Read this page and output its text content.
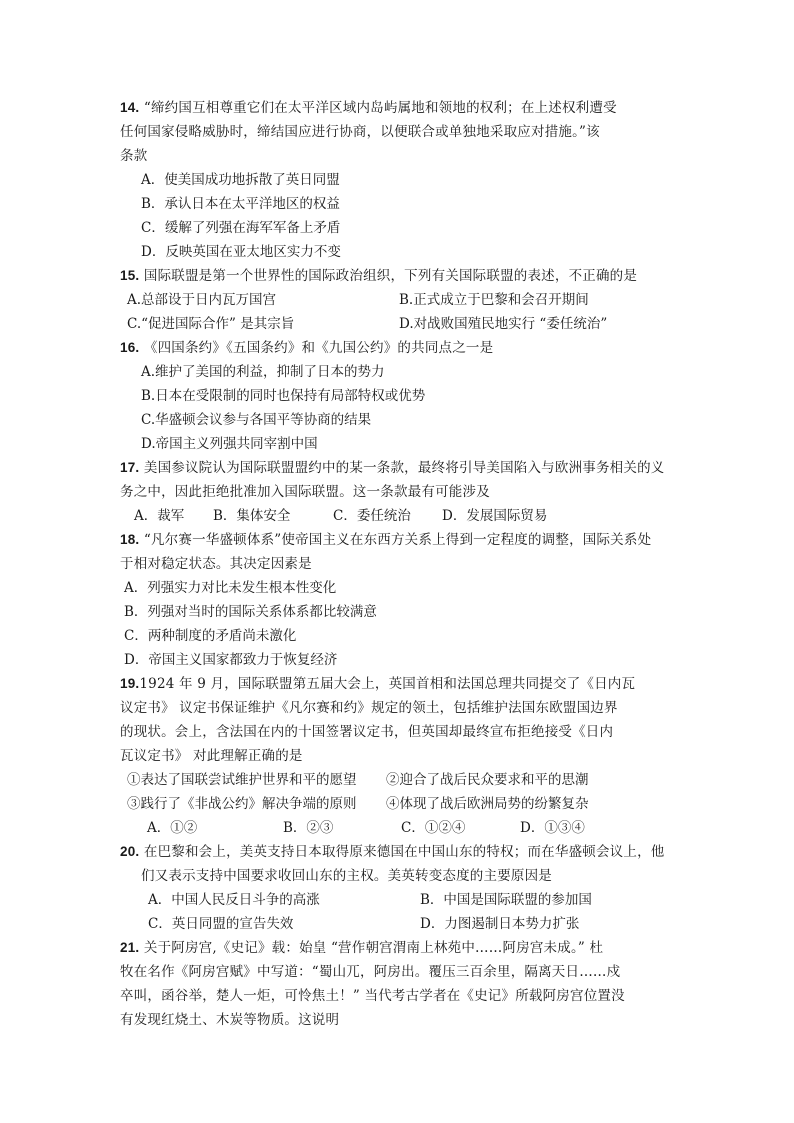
14. “缔约国互相尊重它们在太平洋区域内岛屿属地和领地的权利；在上述权利遭受
任何国家侵略威胁时，缔结国应进行协商，以便联合或单独地采取应对措施。”该
条款
A．使美国成功地拆散了英日同盟
B．承认日本在太平洋地区的权益
C．缓解了列强在海军军备上矛盾
D．反映英国在亚太地区实力不变
15. 国际联盟是第一个世界性的国际政治组织，下列有关国际联盟的表述，不正确的是
A.总部设于日内瓦万国宫	B.正式成立于巴黎和会召开期间
C.“促进国际合作” 是其宗旨	D.对战败国殖民地实行 “委任统治”
16. 《四国条约》《五国条约》和《九国公约》的共同点之一是
A.维护了美国的利益，抑制了日本的势力
B.日本在受限制的同时也保持有局部特权或优势
C.华盛顿会议参与各国平等协商的结果
D.帝国主义列强共同宰割中国
17. 美国参议院认为国际联盟盟约中的某一条款，最终将引导美国陷入与欧洲事务相关的义
务之中，因此拒绝批准加入国际联盟。这一条款最有可能涉及
A．裁军 B．集体安全	C．委任统治 D．发展国际贸易
18. “凡尔赛一华盛顿体系”使帝国主义在东西方关系上得到一定程度的调整，国际关系处
于相对稳定状态。其决定因素是
A．列强实力对比未发生根本性变化
B．列强对当时的国际关系体系都比较满意
C．两种制度的矛盾尚未激化
D．帝国主义国家都致力于恢复经济
19.1924 年 9 月，国际联盟第五届大会上，英国首相和法国总理共同提交了《日内瓦
议定书》 议定书保证维护《凡尔赛和约》规定的领土，包括维护法国东欧盟国边界
的现状。会上，含法国在内的十国签署议定书，但英国却最终宣布拒绝接受《日内
瓦议定书》 对此理解正确的是
①表达了国联尝试维护世界和平的愿望 ②迎合了战后民众要求和平的思潮
③践行了《非战公约》解决争端的原则 ④体现了战后欧洲局势的纷繁复杂
A．①②	B．②③	C．①②④	D．①③④
20. 在巴黎和会上，美英支持日本取得原来德国在中国山东的特权；而在华盛顿会议上，他
们又表示支持中国要求收回山东的主权。美英转变态度的主要原因是
A．中国人民反日斗争的高涨	B．中国是国际联盟的参加国
C．英日同盟的宣告失效	D．力图遏制日本势力扩张
21. 关于阿房宫,《史记》载：始皇 “营作朝宫渭南上林苑中……阿房宫未成。” 杜
牧在名作《阿房宫赋》中写道：“蜀山兀，阿房出。覆压三百余里，隔离天日……戍
卒叫，函谷举，楚人一炬，可怜焦土！” 当代考古学者在《史记》所载阿房宫位置没
有发现红烧土、木炭等物质。这说明
